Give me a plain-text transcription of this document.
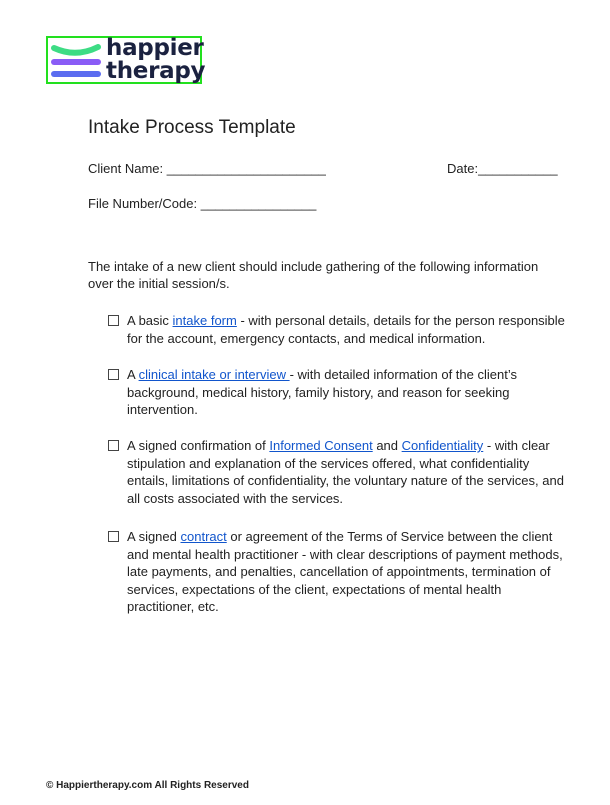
happier
therapy
Intake Process Template
Client Name: ______________________	Date:___________
File Number/Code: ________________
The intake of a new client should include gathering of the following information over the initial session/s.
A basic intake form - with personal details, details for the person responsible for the account, emergency contacts, and medical information.
A clinical intake or interview - with detailed information of the client’s background, medical history, family history, and reason for seeking intervention.
A signed confirmation of Informed Consent and Confidentiality - with clear stipulation and explanation of the services offered, what confidentiality entails, limitations of confidentiality, the voluntary nature of the services, and all costs associated with the services.
A signed contract or agreement of the Terms of Service between the client and mental health practitioner - with clear descriptions of payment methods, late payments, and penalties, cancellation of appointments, termination of services, expectations of the client, expectations of mental health practitioner, etc.
© Happiertherapy.com All Rights Reserved
